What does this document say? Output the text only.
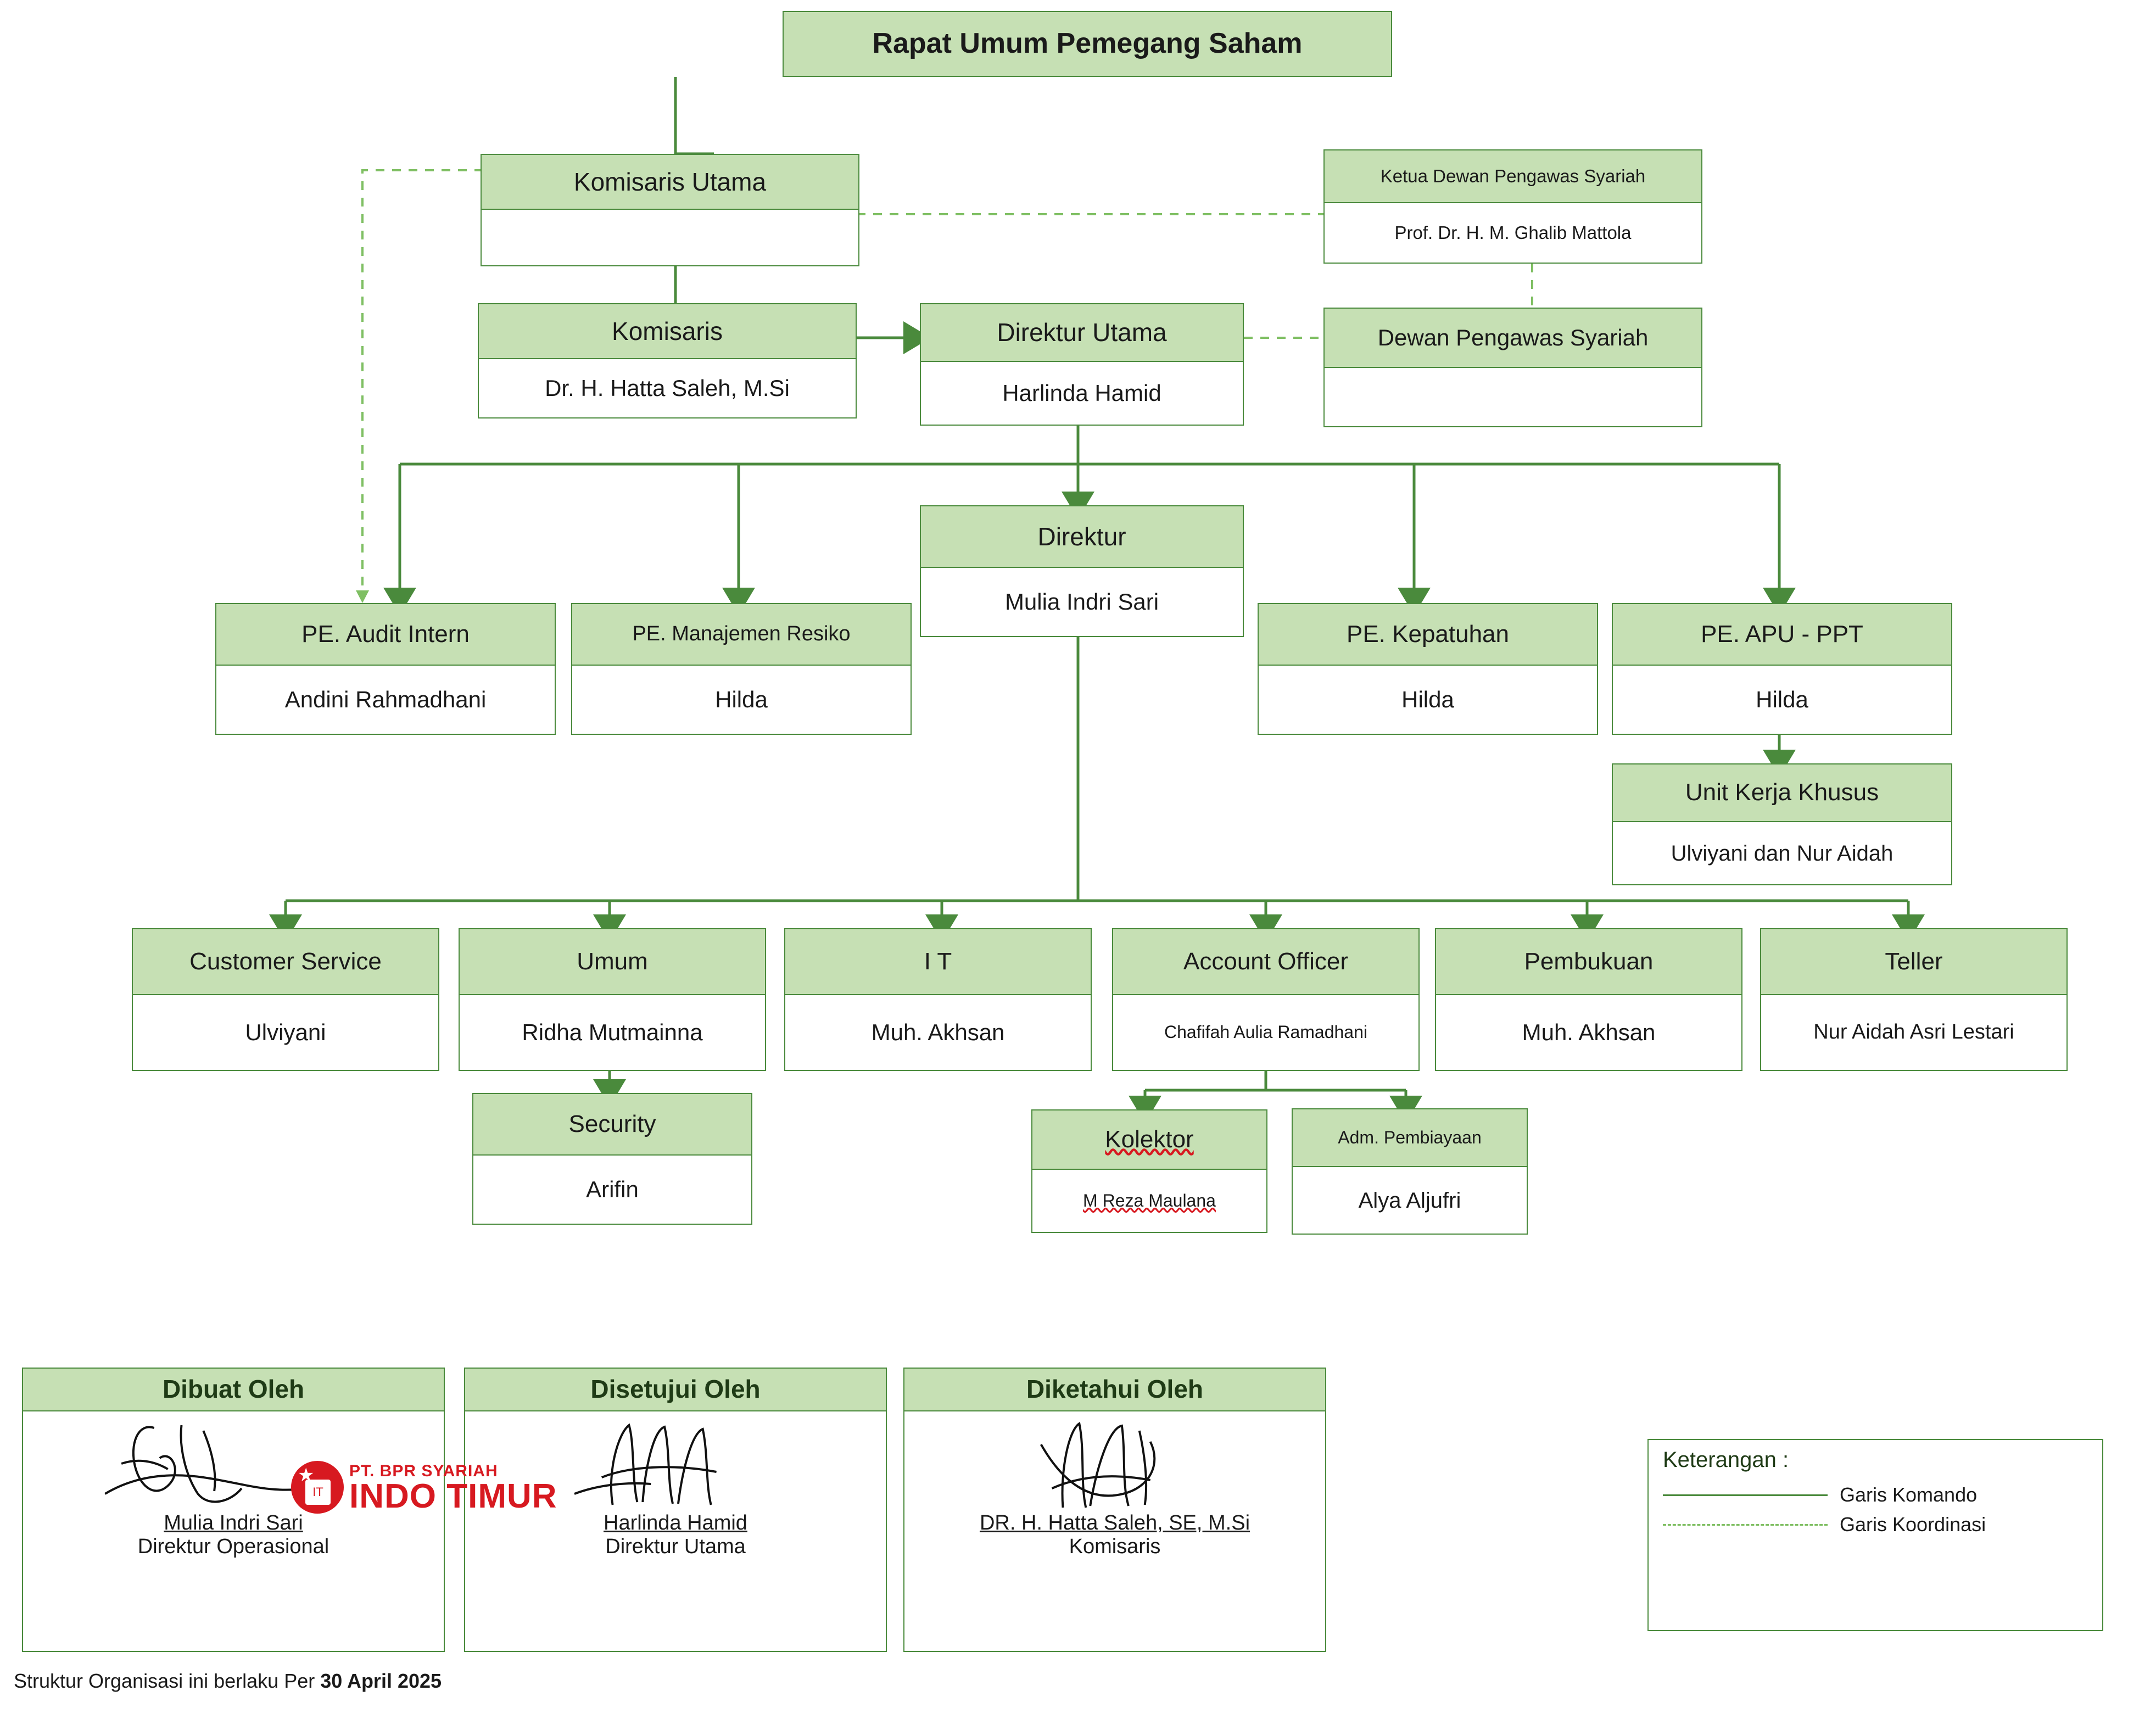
Rapat Umum Pemegang Saham
Komisaris Utama	Ketua Dewan Pengawas Syariah
Prof. Dr. H. M. Ghalib Mattola
Komisaris
Dr. H. Hatta Saleh, M.Si
Direktur Utama
Harlinda Hamid
Dewan Pengawas Syariah
Direktur
Mulia Indri Sari
PE. Audit Intern
Andini Rahmadhani
PE. Manajemen Resiko
Hilda
PE. Kepatuhan
Hilda
PE. APU - PPT
Hilda
Unit Kerja Khusus
Ulviyani dan Nur Aidah
Customer Service
Ulviyani
Umum
Ridha Mutmainna
I T
Muh. Akhsan
Account Officer
Chafifah Aulia Ramadhani
Pembukuan
Muh. Akhsan
Teller
Nur Aidah Asri Lestari
Security
Arifin
Kolektor
M Reza Maulana
Adm. Pembiayaan
Alya Aljufri
Dibuat Oleh
Mulia Indri Sari
Direktur Operasional
Disetujui Oleh
Harlinda Hamid
Direktur Utama
Diketahui Oleh
DR. H. Hatta Saleh, SE, M.Si
Komisaris
IT
★
PT. BPR SYARIAH
INDO TIMUR
Keterangan :
Garis Komando
Garis Koordinasi
Struktur Organisasi ini berlaku Per 30 April 2025
